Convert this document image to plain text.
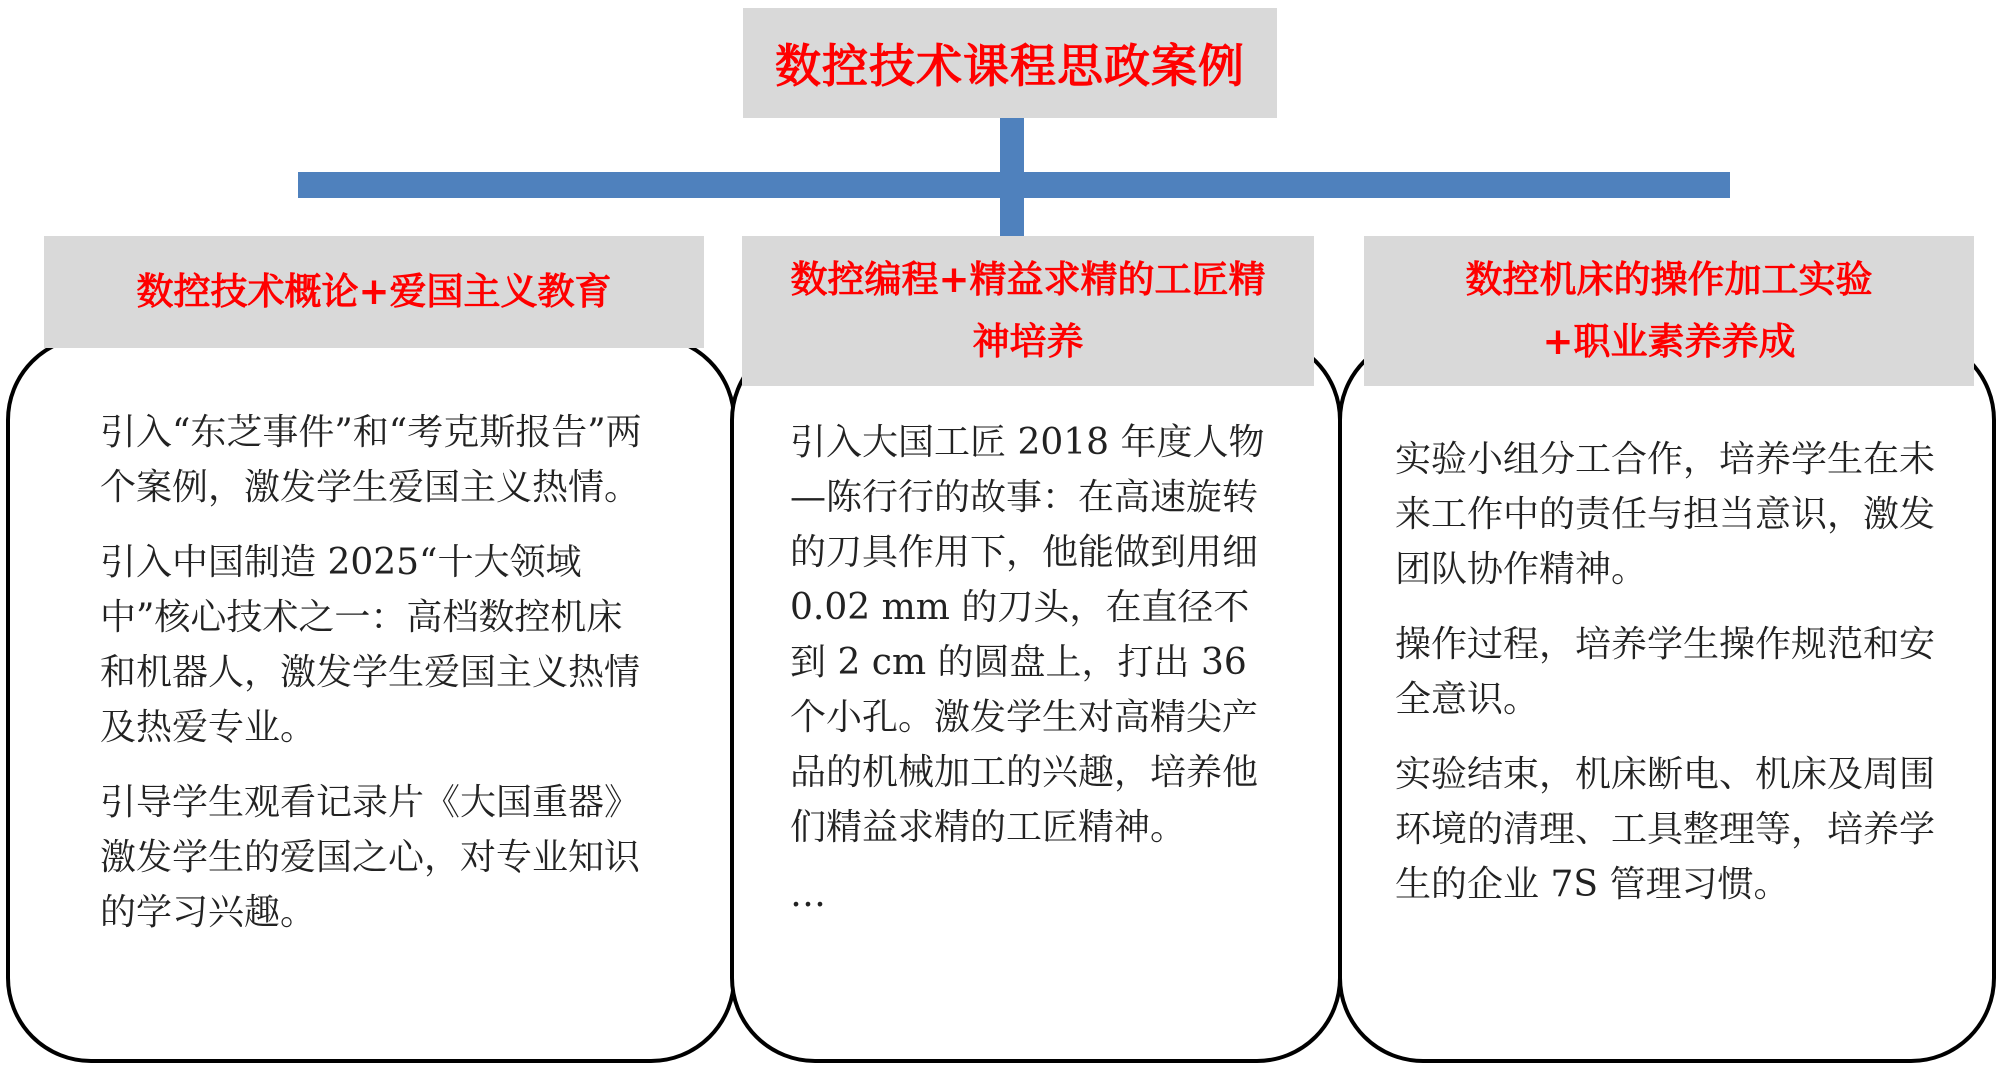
数控技术课程思政案例
数控技术概论+爱国主义教育	数控编程+精益求精的工匠精
神培养
数控机床的操作加工实验
+职业素养养成

引入“东芝事件”和“考克斯报告”两个案例，激发学生爱国主义热情。

引入中国制造 2025“十大领域中”核心技术之一：高档数控机床和机器人，激发学生爱国主义热情及热爱专业。

引导学生观看记录片《大国重器》激发学生的爱国之心，对专业知识的学习兴趣。

引入大国工匠 2018 年度人物—陈行行的故事：在高速旋转的刀具作用下，他能做到用细 0.02 mm 的刀头，在直径不到 2 cm 的圆盘上，打出 36 个小孔。激发学生对高精尖产品的机械加工的兴趣，培养他们精益求精的工匠精神。

…

实验小组分工合作，培养学生在未来工作中的责任与担当意识，激发团队协作精神。

操作过程，培养学生操作规范和安全意识。

实验结束，机床断电、机床及周围环境的清理、工具整理等，培养学生的企业 7S 管理习惯。
